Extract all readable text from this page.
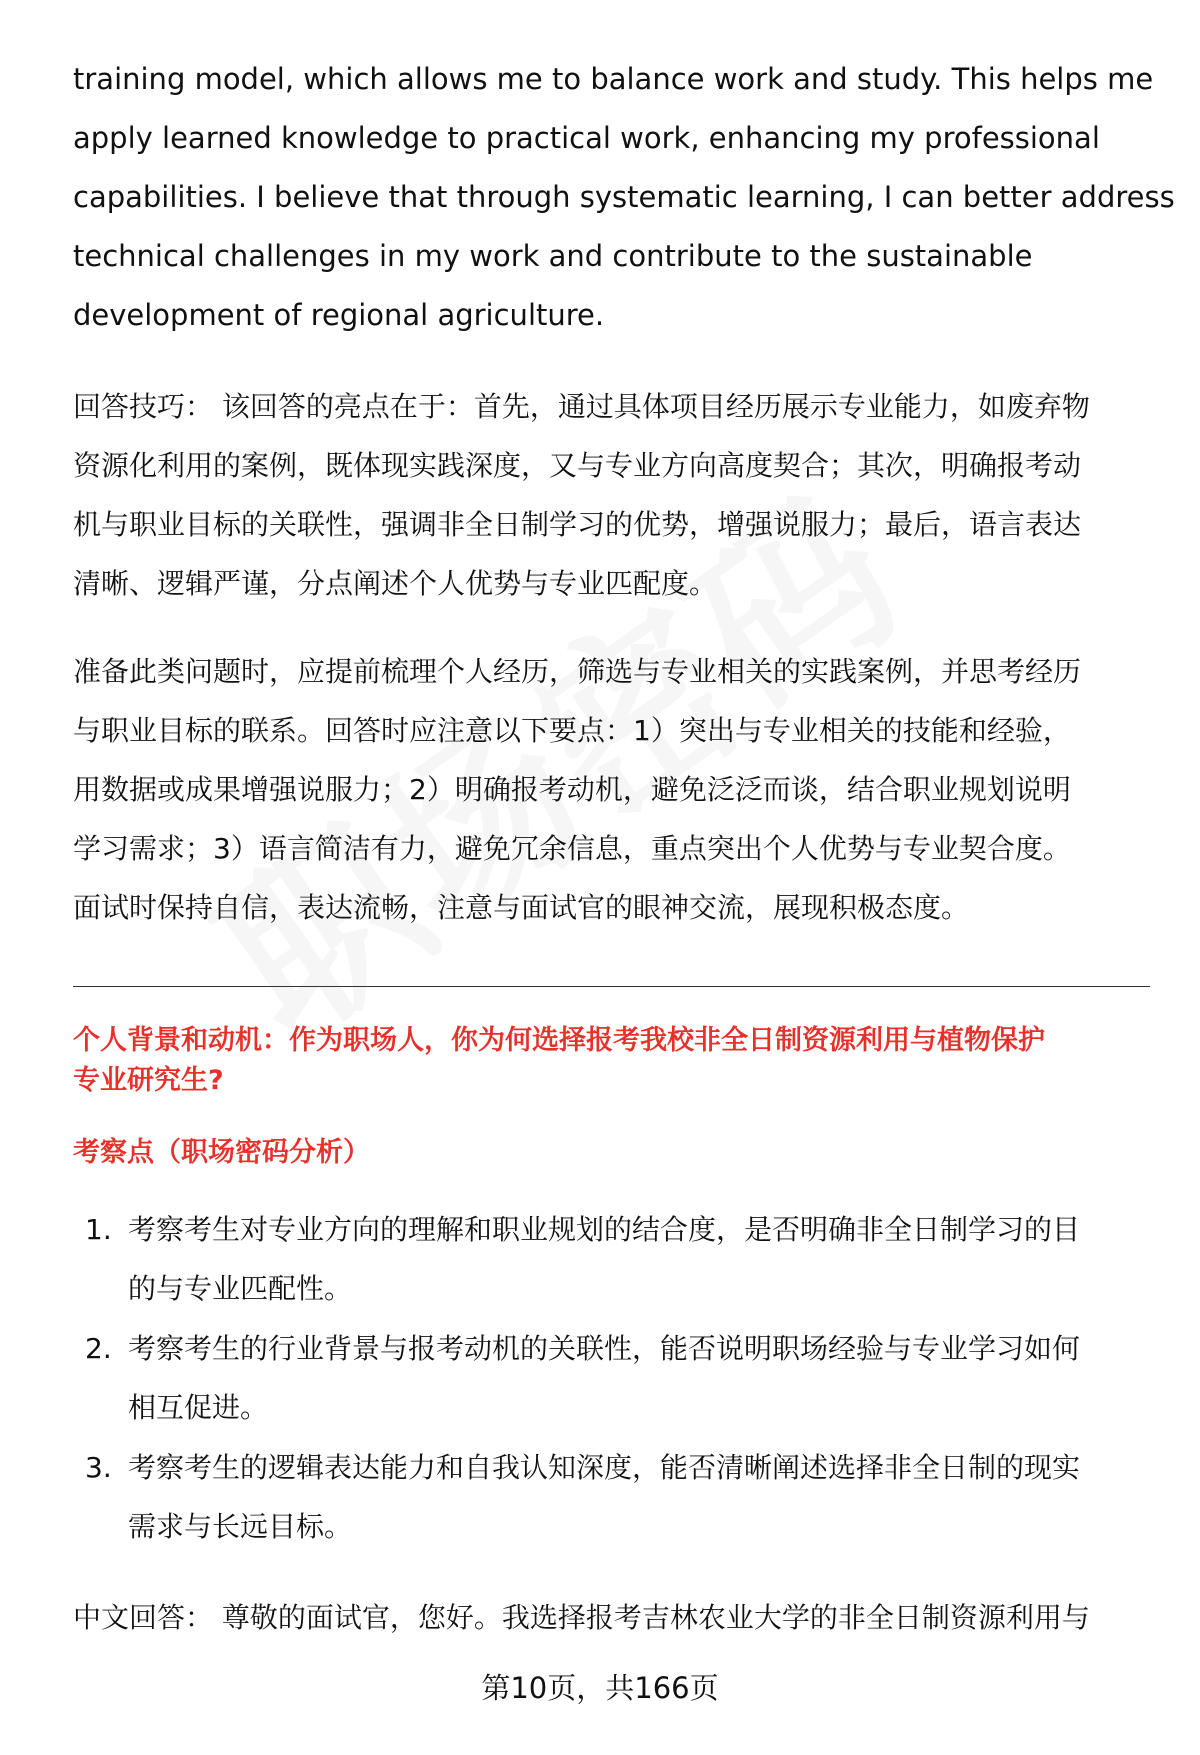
training model, which allows me to balance work and study. This helps me
apply learned knowledge to practical work, enhancing my professional
capabilities. I believe that through systematic learning, I can better address
technical challenges in my work and contribute to the sustainable
development of regional agriculture.
回答技巧： 该回答的亮点在于：首先，通过具体项目经历展示专业能力，如废弃物
资源化利用的案例，既体现实践深度，又与专业方向高度契合；其次，明确报考动
机与职业目标的关联性，强调非全日制学习的优势，增强说服力；最后，语言表达
清晰、逻辑严谨，分点阐述个人优势与专业匹配度。
准备此类问题时，应提前梳理个人经历，筛选与专业相关的实践案例，并思考经历
与职业目标的联系。回答时应注意以下要点：1）突出与专业相关的技能和经验，
用数据或成果增强说服力；2）明确报考动机，避免泛泛而谈，结合职业规划说明
学习需求；3）语言简洁有力，避免冗余信息，重点突出个人优势与专业契合度。
面试时保持自信，表达流畅，注意与面试官的眼神交流，展现积极态度。
个人背景和动机：作为职场人，你为何选择报考我校非全日制资源利用与植物保护
专业研究生?
考察点（职场密码分析）
1. 考察考生对专业方向的理解和职业规划的结合度，是否明确非全日制学习的目
的与专业匹配性。
2. 考察考生的行业背景与报考动机的关联性，能否说明职场经验与专业学习如何
相互促进。
3. 考察考生的逻辑表达能力和自我认知深度，能否清晰阐述选择非全日制的现实
需求与长远目标。
中文回答： 尊敬的面试官，您好。我选择报考吉林农业大学的非全日制资源利用与
第10页，共166页
